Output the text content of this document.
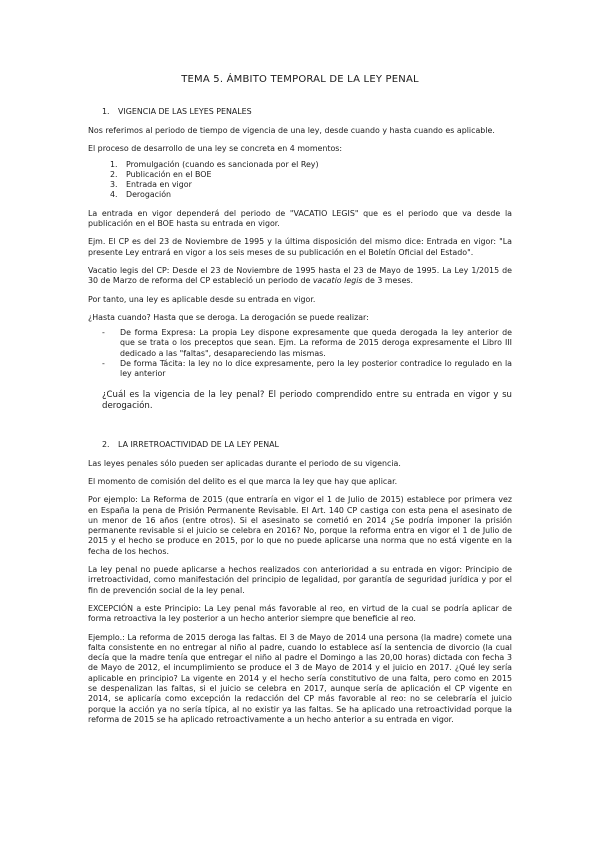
TEMA 5. ÁMBITO TEMPORAL DE LA LEY PENAL
1. VIGENCIA DE LAS LEYES PENALES

Nos referimos al periodo de tiempo de vigencia de una ley, desde cuando y hasta cuando es aplicable.

El proceso de desarrollo de una ley se concreta en 4 momentos:

1. Promulgación (cuando es sancionada por el Rey)
2. Publicación en el BOE
3. Entrada en vigor
4. Derogación

La entrada en vigor dependerá del periodo de "VACATIO LEGIS" que es el periodo que va desde la publicación en el BOE hasta su entrada en vigor.

Ejm. El CP es del 23 de Noviembre de 1995 y la última disposición del mismo dice: Entrada en vigor: "La presente Ley entrará en vigor a los seis meses de su publicación en el Boletín Oficial del Estado".

Vacatio legis del CP: Desde el 23 de Noviembre de 1995 hasta el 23 de Mayo de 1995. La Ley 1/2015 de 30 de Marzo de reforma del CP estableció un periodo de vacatio legis de 3 meses.

Por tanto, una ley es aplicable desde su entrada en vigor.

¿Hasta cuando? Hasta que se deroga. La derogación se puede realizar:

- De forma Expresa: La propia Ley dispone expresamente que queda derogada la ley anterior de que se trata o los preceptos que sean. Ejm. La reforma de 2015 deroga expresamente el Libro III dedicado a las "faltas", desapareciendo las mismas.
- De forma Tácita: la ley no lo dice expresamente, pero la ley posterior contradice lo regulado en la ley anterior

¿Cuál es la vigencia de la ley penal? El periodo comprendido entre su entrada en vigor y su derogación.

2. LA IRRETROACTIVIDAD DE LA LEY PENAL

Las leyes penales sólo pueden ser aplicadas durante el periodo de su vigencia.

El momento de comisión del delito es el que marca la ley que hay que aplicar.

Por ejemplo: La Reforma de 2015 (que entraría en vigor el 1 de Julio de 2015) establece por primera vez en España la pena de Prisión Permanente Revisable. El Art. 140 CP castiga con esta pena el asesinato de un menor de 16 años (entre otros). Si el asesinato se cometió en 2014 ¿Se podría imponer la prisión permanente revisable si el juicio se celebra en 2016? No, porque la reforma entra en vigor el 1 de Julio de 2015 y el hecho se produce en 2015, por lo que no puede aplicarse una norma que no está vigente en la fecha de los hechos.

La ley penal no puede aplicarse a hechos realizados con anterioridad a su entrada en vigor: Principio de irretroactividad, como manifestación del principio de legalidad, por garantía de seguridad jurídica y por el fin de prevención social de la ley penal.

EXCEPCIÓN a este Principio: La Ley penal más favorable al reo, en virtud de la cual se podría aplicar de forma retroactiva la ley posterior a un hecho anterior siempre que beneficie al reo.

Ejemplo.: La reforma de 2015 deroga las faltas. El 3 de Mayo de 2014 una persona (la madre) comete una falta consistente en no entregar al niño al padre, cuando lo establece así la sentencia de divorcio (la cual decía que la madre tenía que entregar el niño al padre el Domingo a las 20,00 horas) dictada con fecha 3 de Mayo de 2012, el incumplimiento se produce el 3 de Mayo de 2014 y el juicio en 2017. ¿Qué ley sería aplicable en principio? La vigente en 2014 y el hecho sería constitutivo de una falta, pero como en 2015 se despenalizan las faltas, si el juicio se celebra en 2017, aunque sería de aplicación el CP vigente en 2014, se aplicaría como excepción la redacción del CP más favorable al reo: no se celebraría el juicio porque la acción ya no sería típica, al no existir ya las faltas. Se ha aplicado una retroactividad porque la reforma de 2015 se ha aplicado retroactivamente a un hecho anterior a su entrada en vigor.
